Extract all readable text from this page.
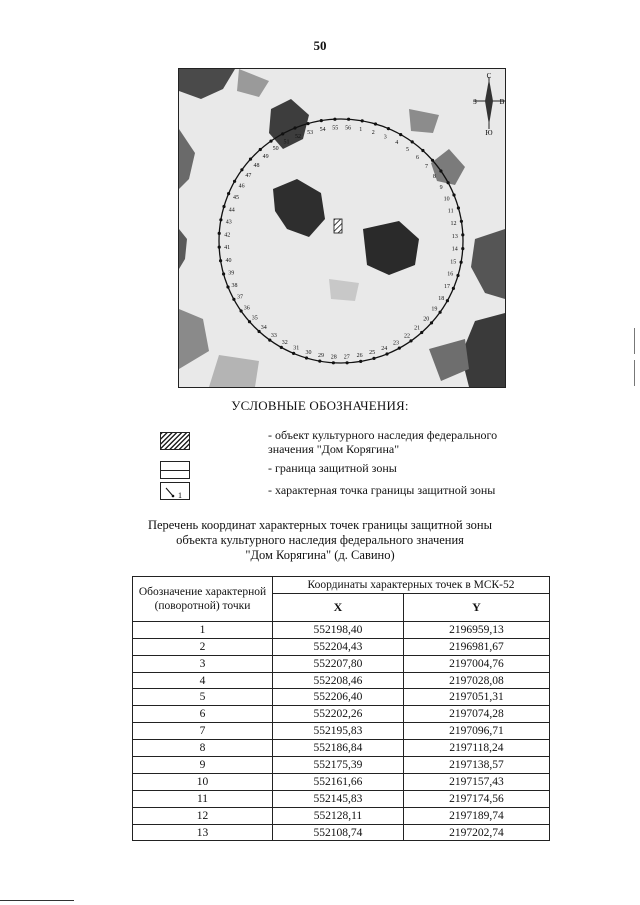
50
1 2
3
4
5
6
7
8
9
10
11
12
13
14
15
16
17
18
19
20
21
22
23
24
25
26
27
28
29
30
31
32
33
34
35
36
37
38
39
40
41
42
43
44
45
46
47
48
49
50
51
52
53 54 55 56
С
З	В
Ю
УСЛОВНЫЕ ОБОЗНАЧЕНИЯ:
- объект культурного наследия федерального значения "Дом Корягина"
- граница защитной зоны
1	- характерная точка границы защитной зоны
Перечень координат характерных точек границы защитной зоны
объекта культурного наследия федерального значения
"Дом Корягина" (д. Савино)
Обозначение характерной (поворотной) точки	Координаты характерных точек в МСК-52	
	X	Y
1	552198,40	2196959,13
2	552204,43	2196981,67
3	552207,80	2197004,76
4	552208,46	2197028,08
5	552206,40	2197051,31
6	552202,26	2197074,28
7	552195,83	2197096,71
8	552186,84	2197118,24
9	552175,39	2197138,57
10	552161,66	2197157,43
11	552145,83	2197174,56
12	552128,11	2197189,74
13	552108,74	2197202,74
